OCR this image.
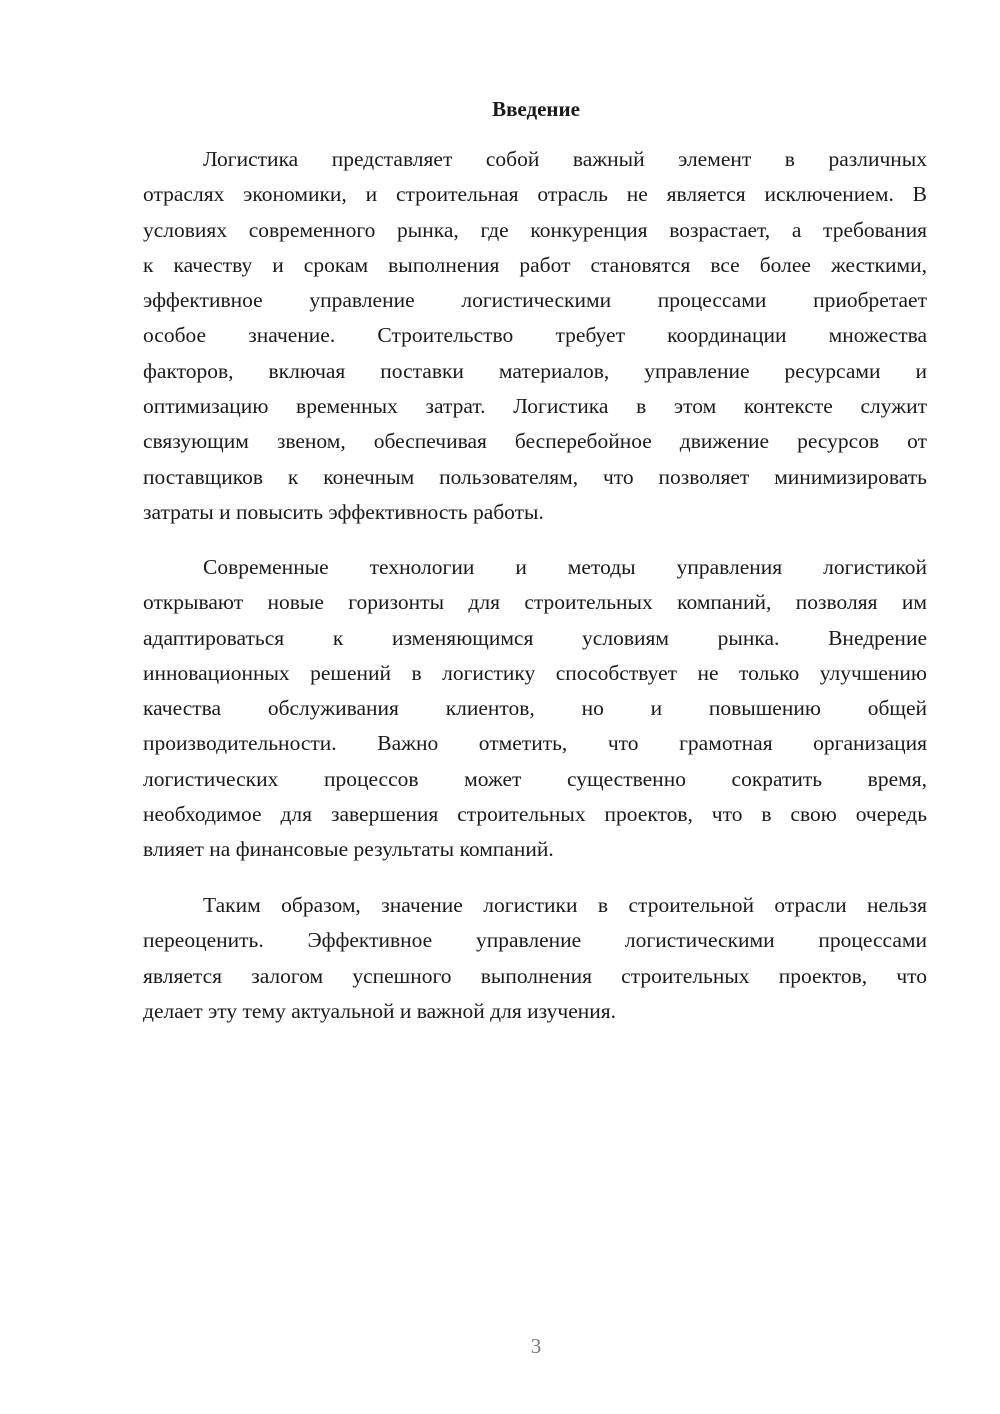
Введение
Логистика представляет собой важный элемент в различных
отраслях экономики, и строительная отрасль не является исключением. В
условиях современного рынка, где конкуренция возрастает, а требования
к качеству и срокам выполнения работ становятся все более жесткими,
эффективное управление логистическими процессами приобретает
особое значение. Строительство требует координации множества
факторов, включая поставки материалов, управление ресурсами и
оптимизацию временных затрат. Логистика в этом контексте служит
связующим звеном, обеспечивая бесперебойное движение ресурсов от
поставщиков к конечным пользователям, что позволяет минимизировать
затраты и повысить эффективность работы.
Современные технологии и методы управления логистикой
открывают новые горизонты для строительных компаний, позволяя им
адаптироваться к изменяющимся условиям рынка. Внедрение
инновационных решений в логистику способствует не только улучшению
качества обслуживания клиентов, но и повышению общей
производительности. Важно отметить, что грамотная организация
логистических процессов может существенно сократить время,
необходимое для завершения строительных проектов, что в свою очередь
влияет на финансовые результаты компаний.
Таким образом, значение логистики в строительной отрасли нельзя
переоценить. Эффективное управление логистическими процессами
является залогом успешного выполнения строительных проектов, что
делает эту тему актуальной и важной для изучения.
3
